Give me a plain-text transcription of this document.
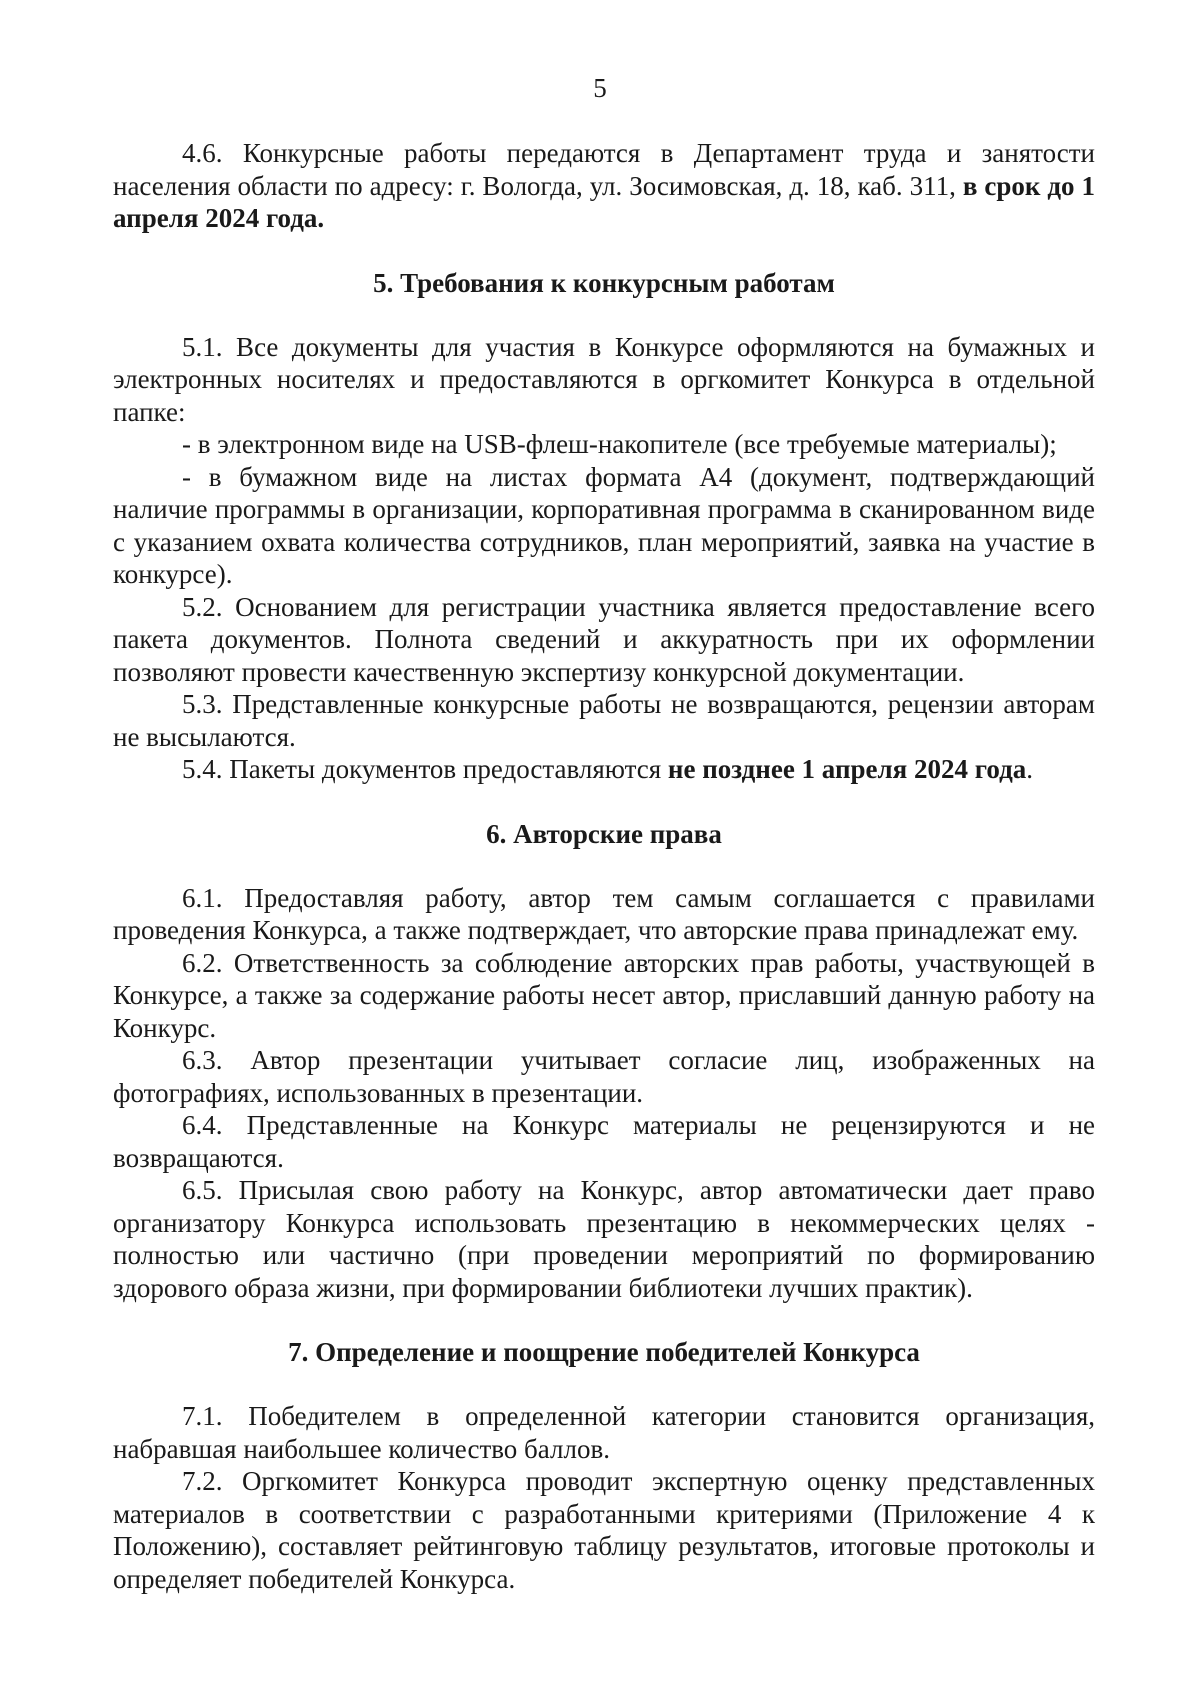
5

4.6. Конкурсные работы передаются в Департамент труда и занятости населения области по адресу: г. Вологда, ул. Зосимовская, д. 18, каб. 311, в срок до 1 апреля 2024 года.

5. Требования к конкурсным работам

5.1. Все документы для участия в Конкурсе оформляются на бумажных и электронных носителях и предоставляются в оргкомитет Конкурса в отдельной папке:

- в электронном виде на USB-флеш-накопителе (все требуемые материалы);

- в бумажном виде на листах формата А4 (документ, подтверждающий наличие программы в организации, корпоративная программа в сканированном виде с указанием охвата количества сотрудников, план мероприятий, заявка на участие в конкурсе).

5.2. Основанием для регистрации участника является предоставление всего пакета документов. Полнота сведений и аккуратность при их оформлении позволяют провести качественную экспертизу конкурсной документации.

5.3. Представленные конкурсные работы не возвращаются, рецензии авторам не высылаются.

5.4. Пакеты документов предоставляются не позднее 1 апреля 2024 года.

6. Авторские права

6.1. Предоставляя работу, автор тем самым соглашается с правилами проведения Конкурса, а также подтверждает, что авторские права принадлежат ему.

6.2. Ответственность за соблюдение авторских прав работы, участвующей в Конкурсе, а также за содержание работы несет автор, приславший данную работу на Конкурс.

6.3. Автор презентации учитывает согласие лиц, изображенных на фотографиях, использованных в презентации.

6.4. Представленные на Конкурс материалы не рецензируются и не возвращаются.

6.5. Присылая свою работу на Конкурс, автор автоматически дает право организатору Конкурса использовать презентацию в некоммерческих целях - полностью или частично (при проведении мероприятий по формированию здорового образа жизни, при формировании библиотеки лучших практик).

7. Определение и поощрение победителей Конкурса

7.1. Победителем в определенной категории становится организация, набравшая наибольшее количество баллов.

7.2. Оргкомитет Конкурса проводит экспертную оценку представленных материалов в соответствии с разработанными критериями (Приложение 4 к Положению), составляет рейтинговую таблицу результатов, итоговые протоколы и определяет победителей Конкурса.
